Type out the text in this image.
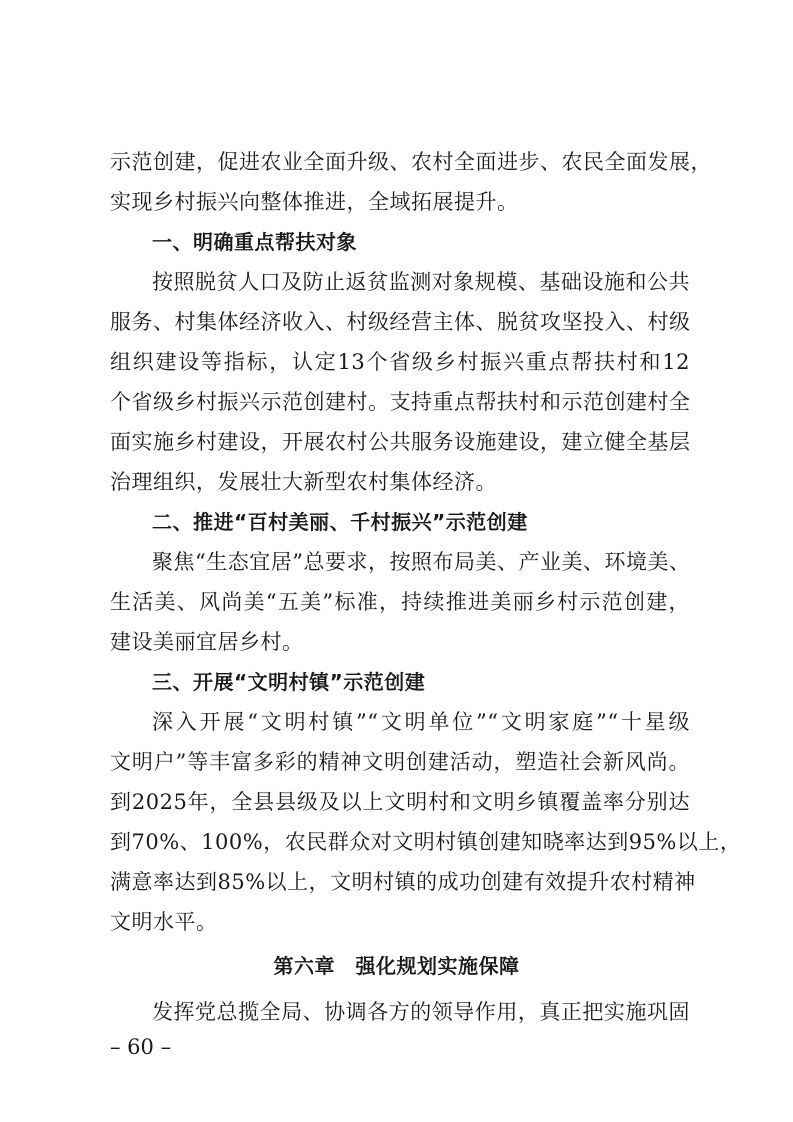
示范创建，促进农业全面升级、农村全面进步、农民全面发展，
实现乡村振兴向整体推进，全域拓展提升。
一、明确重点帮扶对象
按照脱贫人口及防止返贫监测对象规模、基础设施和公共
服务、村集体经济收入、村级经营主体、脱贫攻坚投入、村级
组织建设等指标，认定13个省级乡村振兴重点帮扶村和12
个省级乡村振兴示范创建村。支持重点帮扶村和示范创建村全
面实施乡村建设，开展农村公共服务设施建设，建立健全基层
治理组织，发展壮大新型农村集体经济。
二、推进“百村美丽、千村振兴”示范创建
聚焦“生态宜居”总要求，按照布局美、产业美、环境美、
生活美、风尚美“五美”标准，持续推进美丽乡村示范创建，
建设美丽宜居乡村。
三、开展“文明村镇”示范创建
深入开展“文明村镇”“文明单位”“文明家庭”“十星级
文明户”等丰富多彩的精神文明创建活动，塑造社会新风尚。
到2025年，全县县级及以上文明村和文明乡镇覆盖率分别达
到70%、100%，农民群众对文明村镇创建知晓率达到95%以上，
满意率达到85%以上，文明村镇的成功创建有效提升农村精神
文明水平。
第六章　强化规划实施保障
发挥党总揽全局、协调各方的领导作用，真正把实施巩固
– 60 –
